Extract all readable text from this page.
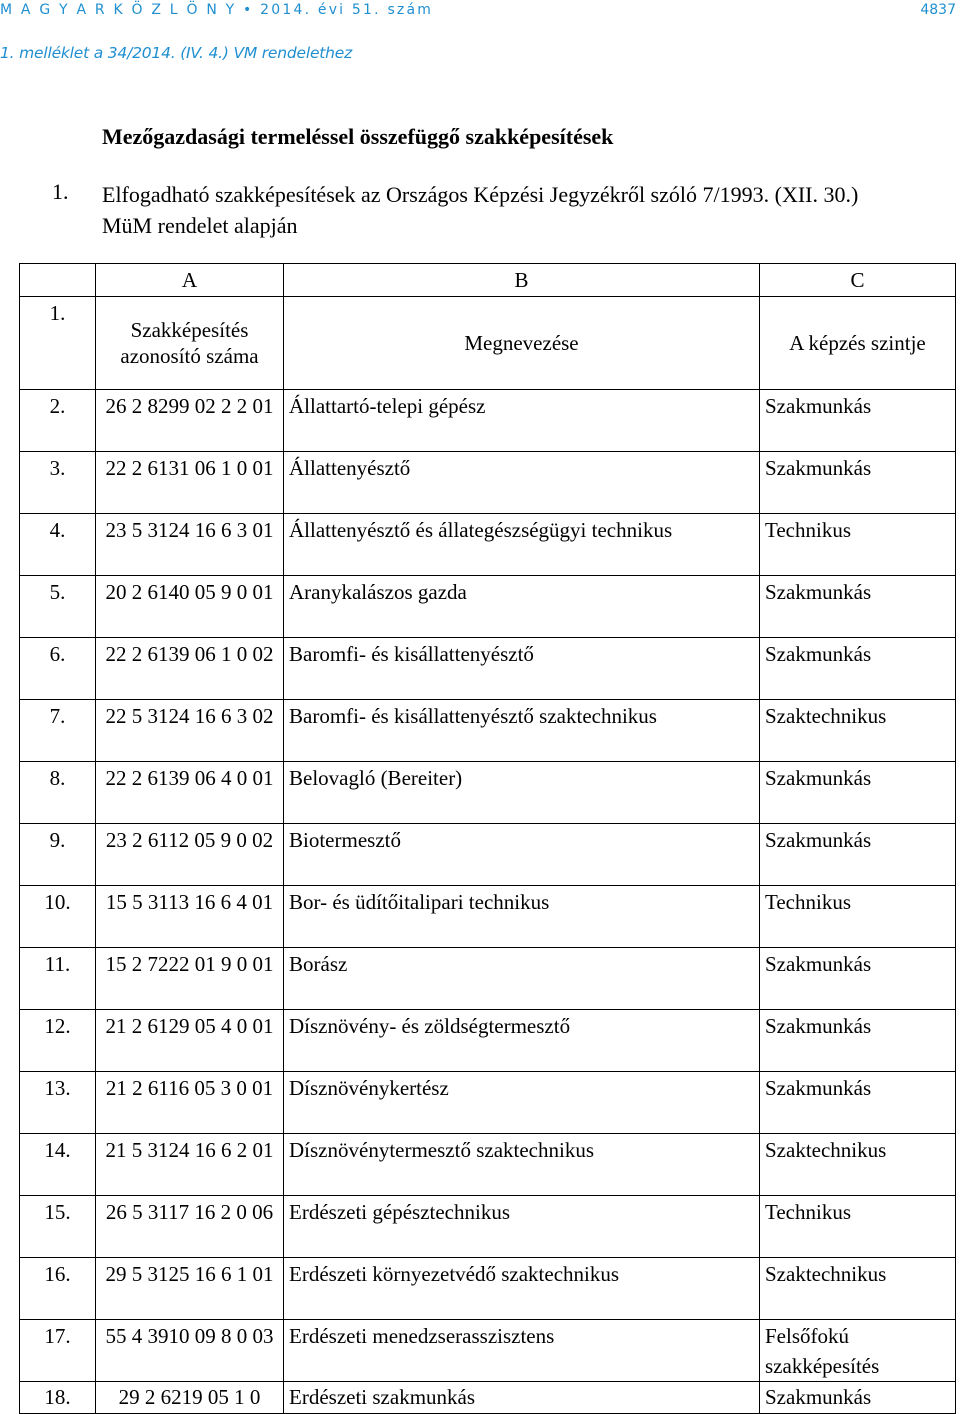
M A G Y A R K Ö Z L Ö N Y • 2014. évi 51. szám	4837
1. melléklet a 34/2014. (IV. 4.) VM rendelethez
Mezőgazdasági termeléssel összefüggő szakképesítések
1. Elfogadható szakképesítések az Országos Képzési Jegyzékről szóló 7/1993. (XII. 30.) MüM rendelet alapján
	A	B	C
1.	Szakképesítés azonosító száma	Megnevezése	A képzés szintje
2.	26 2 8299 02 2 2 01	Állattartó-telepi gépész	Szakmunkás
3.	22 2 6131 06 1 0 01	Állattenyésztő	Szakmunkás
4.	23 5 3124 16 6 3 01	Állattenyésztő és állategészségügyi technikus	Technikus
5.	20 2 6140 05 9 0 01	Aranykalászos gazda	Szakmunkás
6.	22 2 6139 06 1 0 02	Baromfi- és kisállattenyésztő	Szakmunkás
7.	22 5 3124 16 6 3 02	Baromfi- és kisállattenyésztő szaktechnikus	Szaktechnikus
8.	22 2 6139 06 4 0 01	Belovagló (Bereiter)	Szakmunkás
9.	23 2 6112 05 9 0 02	Biotermesztő	Szakmunkás
10.	15 5 3113 16 6 4 01	Bor- és üdítőitalipari technikus	Technikus
11.	15 2 7222 01 9 0 01	Borász	Szakmunkás
12.	21 2 6129 05 4 0 01	Dísznövény- és zöldségtermesztő	Szakmunkás
13.	21 2 6116 05 3 0 01	Dísznövénykertész	Szakmunkás
14.	21 5 3124 16 6 2 01	Dísznövénytermesztő szaktechnikus	Szaktechnikus
15.	26 5 3117 16 2 0 06	Erdészeti gépésztechnikus	Technikus
16.	29 5 3125 16 6 1 01	Erdészeti környezetvédő szaktechnikus	Szaktechnikus
17.	55 4 3910 09 8 0 03	Erdészeti menedzserasszisztens	Felsőfokú szakképesítés
18.	29 2 6219 05 1 0	Erdészeti szakmunkás	Szakmunkás
